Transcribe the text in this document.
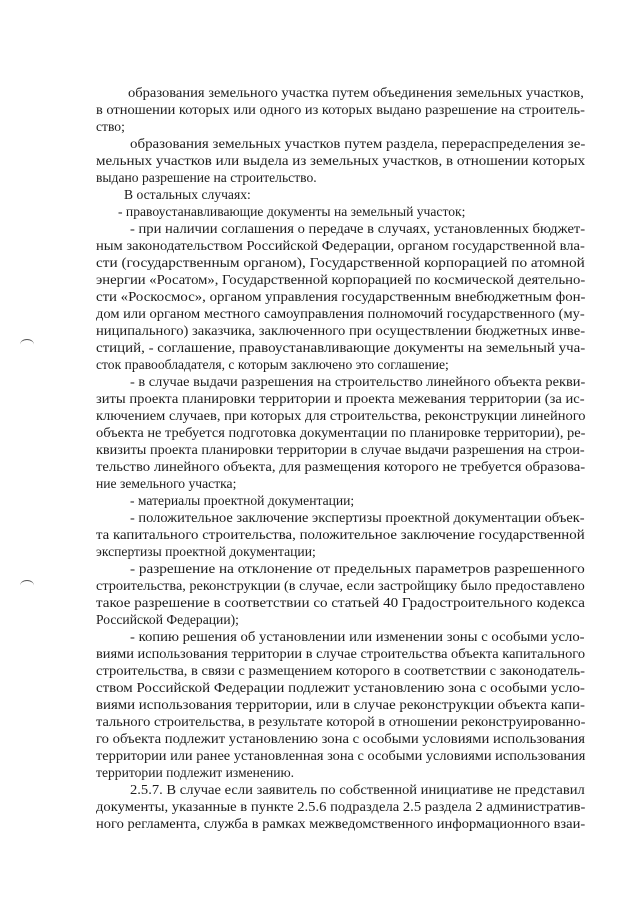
образования земельного участка путем объединения земельных участков,
в отношении которых или одного из которых выдано разрешение на строитель-
ство;
образования земельных участков путем раздела, перераспределения зе-
мельных участков или выдела из земельных участков, в отношении которых
выдано разрешение на строительство.
В остальных случаях:
- правоустанавливающие документы на земельный участок;
- при наличии соглашения о передаче в случаях, установленных бюджет-
ным законодательством Российской Федерации, органом государственной вла-
сти (государственным органом), Государственной корпорацией по атомной
энергии «Росатом», Государственной корпорацией по космической деятельно-
сти «Роскосмос», органом управления государственным внебюджетным фон-
дом или органом местного самоуправления полномочий государственного (му-
ниципального) заказчика, заключенного при осуществлении бюджетных инве-
стиций, - соглашение, правоустанавливающие документы на земельный уча-
сток правообладателя, с которым заключено это соглашение;
- в случае выдачи разрешения на строительство линейного объекта рекви-
зиты проекта планировки территории и проекта межевания территории (за ис-
ключением случаев, при которых для строительства, реконструкции линейного
объекта не требуется подготовка документации по планировке территории), ре-
квизиты проекта планировки территории в случае выдачи разрешения на строи-
тельство линейного объекта, для размещения которого не требуется образова-
ние земельного участка;
- материалы проектной документации;
- положительное заключение экспертизы проектной документации объек-
та капитального строительства, положительное заключение государственной
экспертизы проектной документации;
- разрешение на отклонение от предельных параметров разрешенного
строительства, реконструкции (в случае, если застройщику было предоставлено
такое разрешение в соответствии со статьей 40 Градостроительного кодекса
Российской Федерации);
- копию решения об установлении или изменении зоны с особыми усло-
виями использования территории в случае строительства объекта капитального
строительства, в связи с размещением которого в соответствии с законодатель-
ством Российской Федерации подлежит установлению зона с особыми усло-
виями использования территории, или в случае реконструкции объекта капи-
тального строительства, в результате которой в отношении реконструированно-
го объекта подлежит установлению зона с особыми условиями использования
территории или ранее установленная зона с особыми условиями использования
территории подлежит изменению.
2.5.7. В случае если заявитель по собственной инициативе не представил
документы, указанные в пункте 2.5.6 подраздела 2.5 раздела 2 административ-
ного регламента, служба в рамках межведомственного информационного взаи-
